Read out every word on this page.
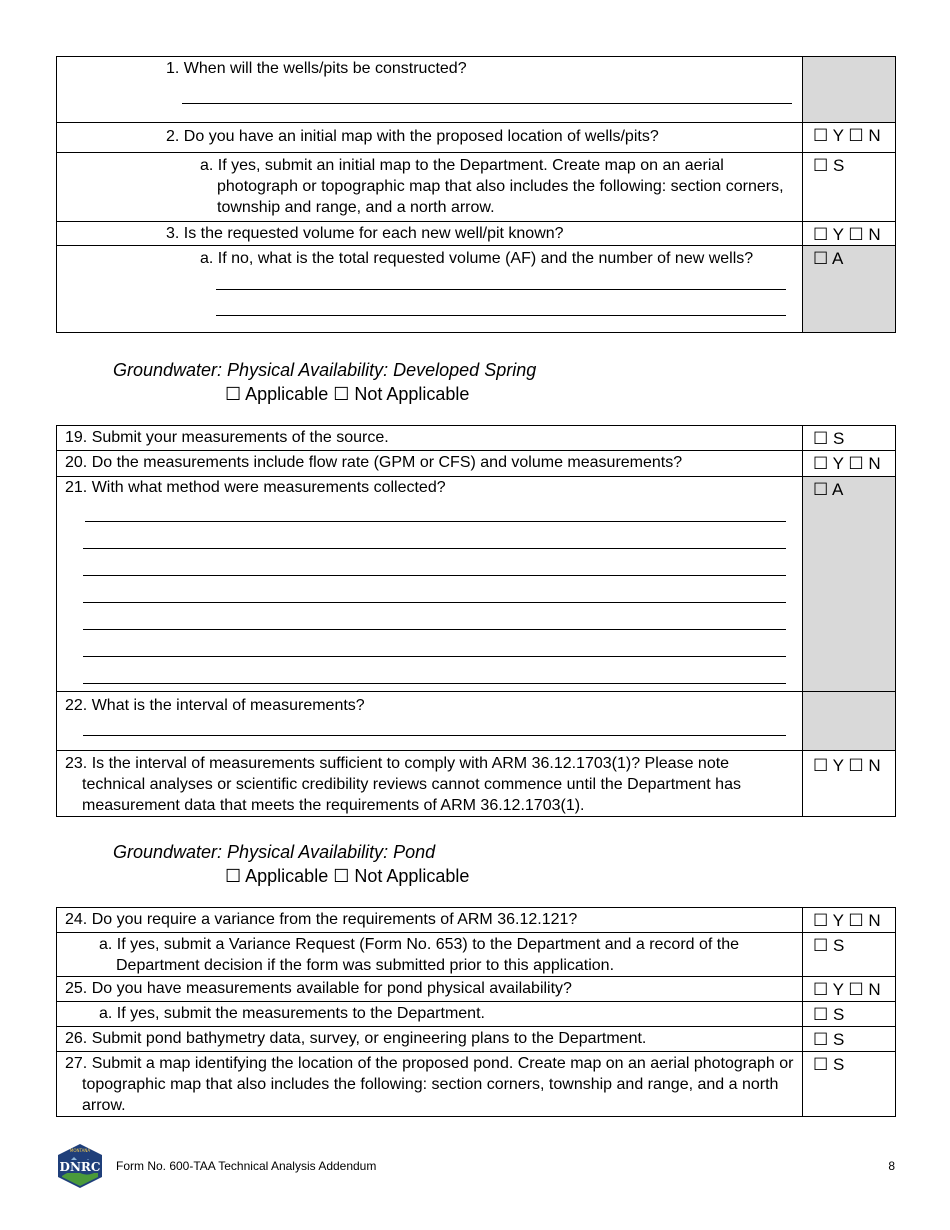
1. When will the wells/pits be constructed?	

2. Do you have an initial map with the proposed location of wells/pits?	☐ Y ☐ N

a. If yes, submit an initial map to the Department. Create map on an aerial photograph or topographic map that also includes the following: section corners, township and range, and a north arrow.	☐ S

3. Is the requested volume for each new well/pit known?	☐ Y ☐ N

a. If no, what is the total requested volume (AF) and the number of new wells?	☐ A
Groundwater: Physical Availability: Developed Spring
☐ Applicable ☐ Not Applicable
19. Submit your measurements of the source.	☐ S
20. Do the measurements include flow rate (GPM or CFS) and volume measurements?	☐ Y ☐ N

21. With what method were measurements collected?	☐ A

22. What is the interval of measurements?	

23. Is the interval of measurements sufficient to comply with ARM 36.12.1703(1)? Please note technical analyses or scientific credibility reviews cannot commence until the Department has measurement data that meets the requirements of ARM 36.12.1703(1).	☐ Y ☐ N
Groundwater: Physical Availability: Pond
☐ Applicable ☐ Not Applicable
24. Do you require a variance from the requirements of ARM 36.12.121?	☐ Y ☐ N

a. If yes, submit a Variance Request (Form No. 653) to the Department and a record of the Department decision if the form was submitted prior to this application.	☐ S
25. Do you have measurements available for pond physical availability?	☐ Y ☐ N

a. If yes, submit the measurements to the Department.	☐ S
26. Submit pond bathymetry data, survey, or engineering plans to the Department.	☐ S

27. Submit a map identifying the location of the proposed pond. Create map on an aerial photograph or topographic map that also includes the following: section corners, township and range, and a north arrow.	☐ S
DNRC
MONTANA
Form No. 600-TAA Technical Analysis Addendum	8
